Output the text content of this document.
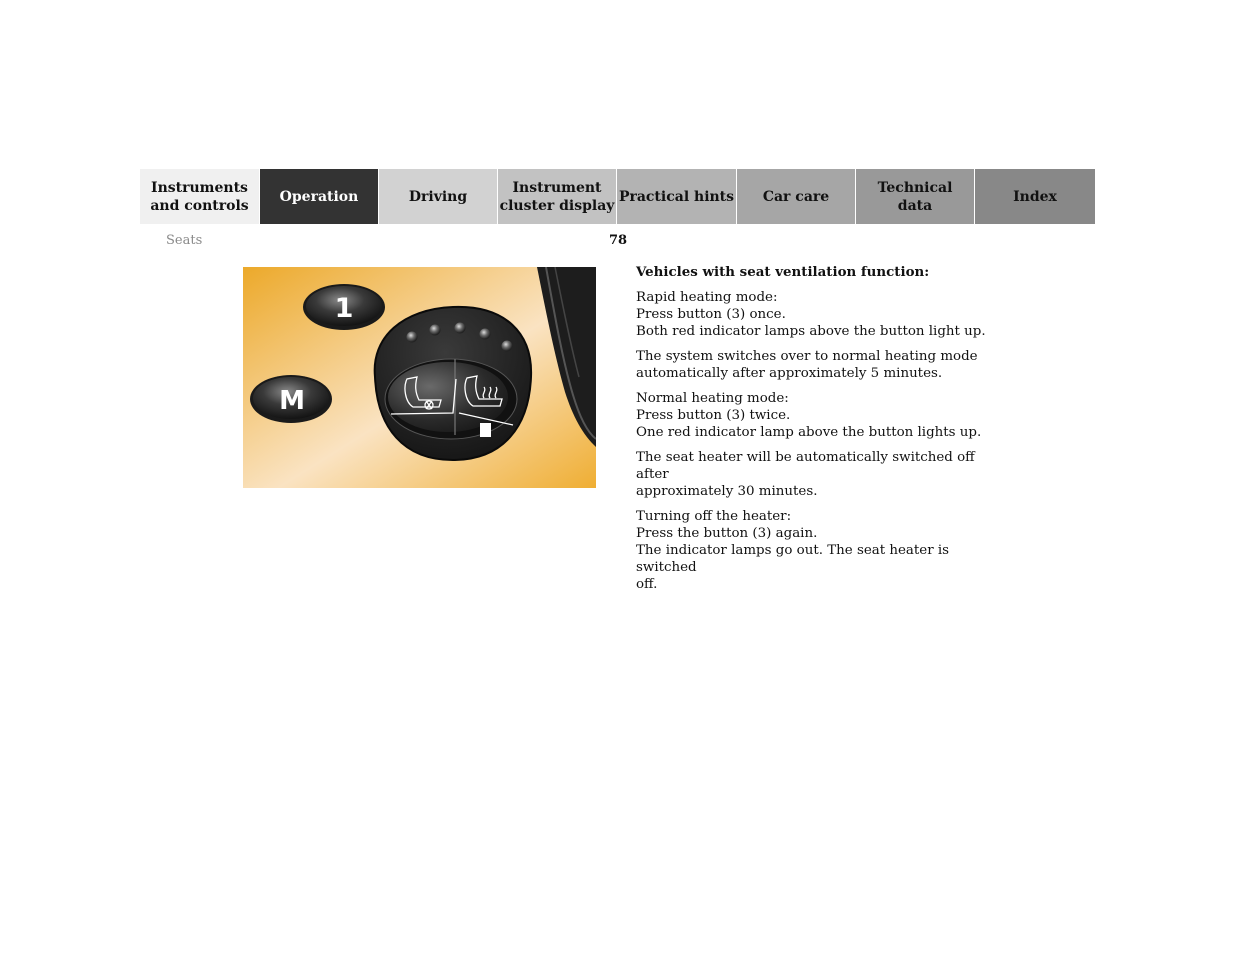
Instruments
and controls
Operation	Driving
Instrument
cluster display
Practical hints	Car care
Technical
data
Index
Seats	78
1
M
Vehicles with seat ventilation function:

Rapid heating mode:
Press button (3) once.
Both red indicator lamps above the button light up.

The system switches over to normal heating mode
automatically after approximately 5 minutes.

Normal heating mode:
Press button (3) twice.
One red indicator lamp above the button lights up.

The seat heater will be automatically switched off after
approximately 30 minutes.

Turning off the heater:
Press the button (3) again.
The indicator lamps go out. The seat heater is switched
off.
